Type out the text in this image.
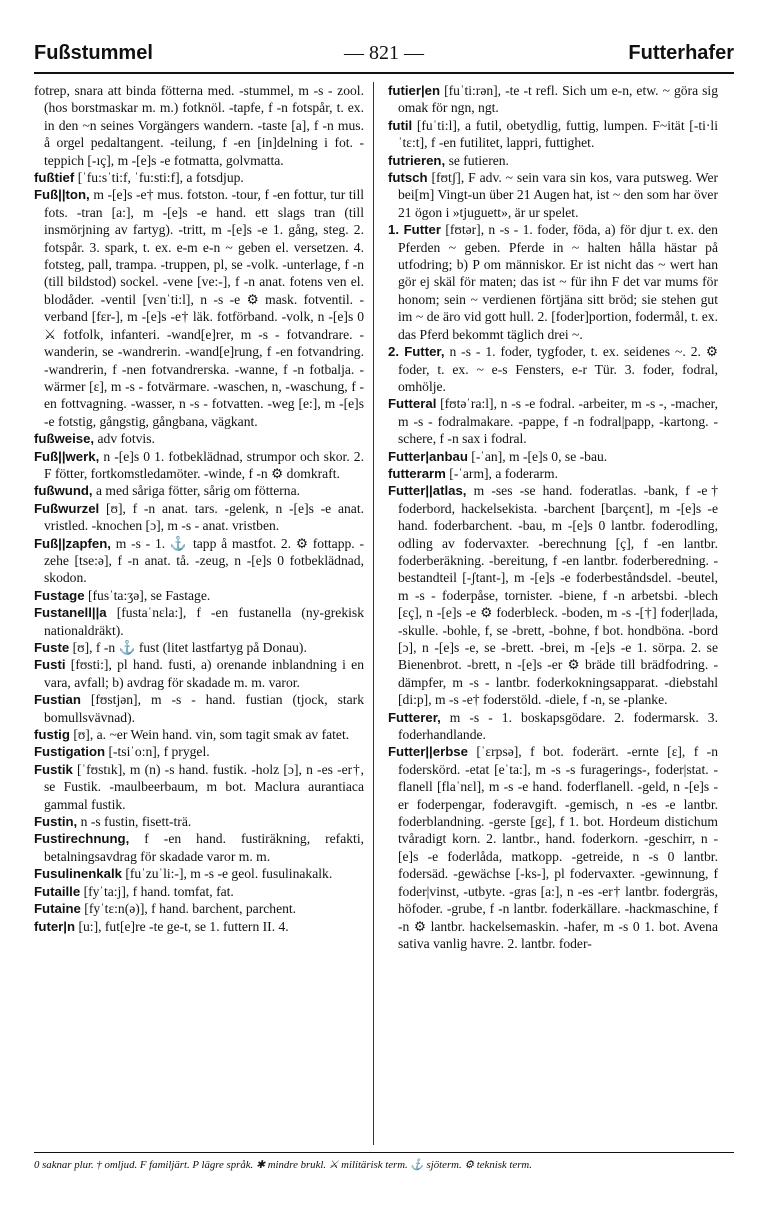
Fußstummel	— 821 —	Futterhafer

fotrep, snara att binda fötterna med. -stummel, m -s - zool. (hos borstmaskar m. m.) fotknöl. -tapfe, f -n fotspår, t. ex. in den ~n seines Vorgängers wandern. -taste [a], f -n mus. å orgel pedaltangent. -teilung, f -en [in]delning i fot. -teppich [-ıç], m -[e]s -e fotmatta, golvmatta.

fußtief [ˈfu:sˈti:f, ˈfu:sti:f], a fotsdjup.

Fuß||ton, m -[e]s -e† mus. fotston. -tour, f -en fottur, tur till fots. -tran [a:], m -[e]s -e hand. ett slags tran (till insmörjning av fartyg). -tritt, m -[e]s -e 1. gång, steg. 2. fotspår. 3. spark, t. ex. e-m e-n ~ geben el. versetzen. 4. fotsteg, pall, trampa. -truppen, pl, se -volk. -unterlage, f -n (till bildstod) sockel. -vene [ve:-], f -n anat. fotens ven el. blodåder. -ventil [vɛnˈti:l], n -s -e ⚙ mask. fotventil. -verband [fɛr-], m -[e]s -e† läk. fotförband. -volk, n -[e]s 0 ⚔ fotfolk, infanteri. -wand[e]rer, m -s - fotvandrare. -wanderin, se -wandrerin. -wand[e]rung, f -en fotvandring. -wandrerin, f -nen fotvandrerska. -wanne, f -n fotbalja. -wärmer [ɛ], m -s - fotvärmare. -waschen, n, -waschung, f -en fottvagning. -wasser, n -s - fotvatten. -weg [e:], m -[e]s -e fotstig, gångstig, gångbana, vägkant.

fußweise, adv fotvis.

Fuß||werk, n -[e]s 0 1. fotbeklädnad, strumpor och skor. 2. F fötter, fortkomstledamöter. -winde, f -n ⚙ domkraft.

fußwund, a med såriga fötter, sårig om fötterna.

Fußwurzel [ʊ], f -n anat. tars. -gelenk, n -[e]s -e anat. vristled. -knochen [ɔ], m -s - anat. vristben.

Fuß||zapfen, m -s - 1. ⚓ tapp å mastfot. 2. ⚙ fottapp. -zehe [tse:ə], f -n anat. tå. -zeug, n -[e]s 0 fotbeklädnad, skodon.

Fustage [fusˈta:ʒə], se Fastage.

Fustanell||a [fustaˈnɛla:], f -en fustanella (ny-grekisk nationaldräkt).

Fuste [ʊ], f -n ⚓ fust (litet lastfartyg på Donau).

Fusti [fʊsti:], pl hand. fusti, a) orenande inblandning i en vara, avfall; b) avdrag för skadade m. m. varor.

Fustian [fʊstjən], m -s - hand. fustian (tjock, stark bomullsvävnad).

fustig [ʊ], a. ~er Wein hand. vin, som tagit smak av fatet.

Fustigation [-tsiˈo:n], f prygel.

Fustik [ˈfʊstık], m (n) -s hand. fustik. -holz [ɔ], n -es -er†, se Fustik. -maulbeerbaum, m bot. Maclura aurantiaca gammal fustik.

Fustin, n -s fustin, fisett-trä.

Fustirechnung, f -en hand. fustiräkning, refakti, betalningsavdrag för skadade varor m. m.

Fusulinenkalk [fuˈzuˈli:-], m -s -e geol. fusulinakalk.

Futaille [fyˈta:j], f hand. tomfat, fat.

Futaine [fyˈtɛ:n(ə)], f hand. barchent, parchent.

futer|n [u:], fut[e]re -te ge-t, se 1. futtern II. 4.

futier|en [fuˈti:rən], -te -t refl. Sich um e-n, etw. ~ göra sig omak för ngn, ngt.

futil [fuˈti:l], a futil, obetydlig, futtig, lumpen. F~ität [-ti·liˈtɛ:t], f -en futilitet, lappri, futtighet.

futrieren, se futieren.

futsch [fʊtʃ], F adv. ~ sein vara sin kos, vara putsweg. Wer bei[m] Vingt-un über 21 Augen hat, ist ~ den som har över 21 ögon i »tjuguett», är ur spelet.

1. Futter [fʊtər], n -s - 1. foder, föda, a) för djur t. ex. den Pferden ~ geben. Pferde in ~ halten hålla hästar på utfodring; b) P om människor. Er ist nicht das ~ wert han gör ej skäl för maten; das ist ~ für ihn F det var mums för honom; sein ~ verdienen förtjäna sitt bröd; sie stehen gut im ~ de äro vid gott hull. 2. [foder]portion, fodermål, t. ex. das Pferd bekommt täglich drei ~.

2. Futter, n -s - 1. foder, tygfoder, t. ex. seidenes ~. 2. ⚙ foder, t. ex. ~ e-s Fensters, e-r Tür. 3. foder, fodral, omhölje.

Futteral [fʊtəˈra:l], n -s -e fodral. -arbeiter, m -s -, -macher, m -s - fodralmakare. -pappe, f -n fodral|papp, -kartong. -schere, f -n sax i fodral.

Futter|anbau [-ˈan], m -[e]s 0, se -bau.

futterarm [-ˈarm], a foderarm.

Futter||atlas, m -ses -se hand. foderatlas. -bank, f -e† foderbord, hackelsekista. -barchent [barçɛnt], m -[e]s -e hand. foderbarchent. -bau, m -[e]s 0 lantbr. foderodling, odling av fodervaxter. -berechnung [ç], f -en lantbr. foderberäkning. -bereitung, f -en lantbr. foderberedning. -bestandteil [-ʃtant-], m -[e]s -e foderbeståndsdel. -beutel, m -s - foderpåse, tornister. -biene, f -n arbetsbi. -blech [ɛç], n -[e]s -e ⚙ foderbleck. -boden, m -s -[†] foder|lada, -skulle. -bohle, f, se -brett, -bohne, f bot. hondböna. -bord [ɔ], n -[e]s -e, se -brett. -brei, m -[e]s -e 1. sörpa. 2. se Bienenbrot. -brett, n -[e]s -er ⚙ bräde till brädfodring. -dämpfer, m -s - lantbr. foderkokningsapparat. -diebstahl [di:p], m -s -e† foderstöld. -diele, f -n, se -planke.

Futterer, m -s - 1. boskapsgödare. 2. fodermarsk. 3. foderhandlande.

Futter||erbse [ˈɛrpsə], f bot. foderärt. -ernte [ɛ], f -n foderskörd. -etat [eˈta:], m -s -s furagerings-, foder|stat. -flanell [flaˈnɛl], m -s -e hand. foderflanell. -geld, n -[e]s -er foderpengar, foderavgift. -gemisch, n -es -e lantbr. foderblandning. -gerste [gɛ], f 1. bot. Hordeum distichum tvåradigt korn. 2. lantbr., hand. foderkorn. -geschirr, n -[e]s -e foderlåda, matkopp. -getreide, n -s 0 lantbr. fodersäd. -gewächse [-ks-], pl fodervaxter. -gewinnung, f foder|vinst, -utbyte. -gras [a:], n -es -er† lantbr. fodergräs, höfoder. -grube, f -n lantbr. foderkällare. -hackmaschine, f -n ⚙ lantbr. hackelsemaskin. -hafer, m -s 0 1. bot. Avena sativa vanlig havre. 2. lantbr. foder-

0 saknar plur. † omljud. F familjärt. P lägre språk. ✱ mindre brukl. ⚔ militärisk term. ⚓ sjöterm. ⚙ teknisk term.
